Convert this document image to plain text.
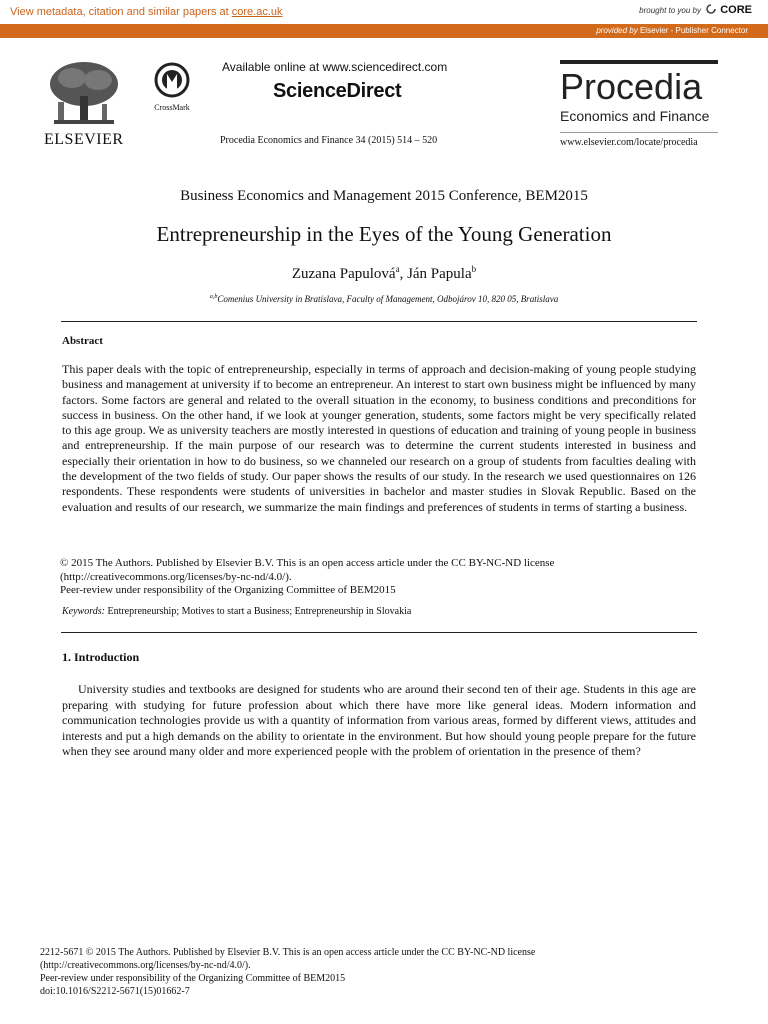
View metadata, citation and similar papers at core.ac.uk	brought to you by CORE
provided by Elsevier - Publisher Connector
ELSEVIER
CrossMark
Available online at www.sciencedirect.com
ScienceDirect
Procedia Economics and Finance 34 (2015) 514 – 520
Procedia
Economics and Finance
www.elsevier.com/locate/procedia
Business Economics and Management 2015 Conference, BEM2015
Entrepreneurship in the Eyes of the Young Generation
Zuzana Papulová$^a$, Ján Papula$^b$
$^{a,b}$Comenius University in Bratislava, Faculty of Management, Odbojárov 10, 820 05, Bratislava
Abstract
This paper deals with the topic of entrepreneurship, especially in terms of approach and decision-making of young people studying business and management at university if to become an entrepreneur. An interest to start own business might be influenced by many factors. Some factors are general and related to the overall situation in the economy, to business conditions and preconditions for success in business. On the other hand, if we look at younger generation, students, some factors might be very specifically related to this age group. We as university teachers are mostly interested in questions of education and training of young people in business and entrepreneurship. If the main purpose of our research was to determine the current students interested in business and especially their orientation in how to do business, so we channeled our research on a group of students from faculties dealing with the development of the two fields of study. Our paper shows the results of our study. In the research we used questionnaires on 126 respondents. These respondents were students of universities in bachelor and master studies in Slovak Republic. Based on the evaluation and results of our research, we summarize the main findings and preferences of students in terms of starting a business.
© 2015 The Authors. Published by Elsevier B.V. This is an open access article under the CC BY-NC-ND license
(http://creativecommons.org/licenses/by-nc-nd/4.0/).
Peer-review under responsibility of the Organizing Committee of BEM2015
Keywords: Entrepreneurship; Motives to start a Business; Entrepreneurship in Slovakia
1. Introduction
University studies and textbooks are designed for students who are around their second ten of their age. Students in this age are preparing with studying for future profession about which there have more like general ideas. Modern information and communication technologies provide us with a quantity of information from various areas, formed by different views, attitudes and interests and put a high demands on the ability to orientate in the environment. But how should young people prepare for the future when they see around many older and more experienced people with the problem of orientation in the presence of them?
2212-5671 © 2015 The Authors. Published by Elsevier B.V. This is an open access article under the CC BY-NC-ND license
(http://creativecommons.org/licenses/by-nc-nd/4.0/).
Peer-review under responsibility of the Organizing Committee of BEM2015
doi:10.1016/S2212-5671(15)01662-7
